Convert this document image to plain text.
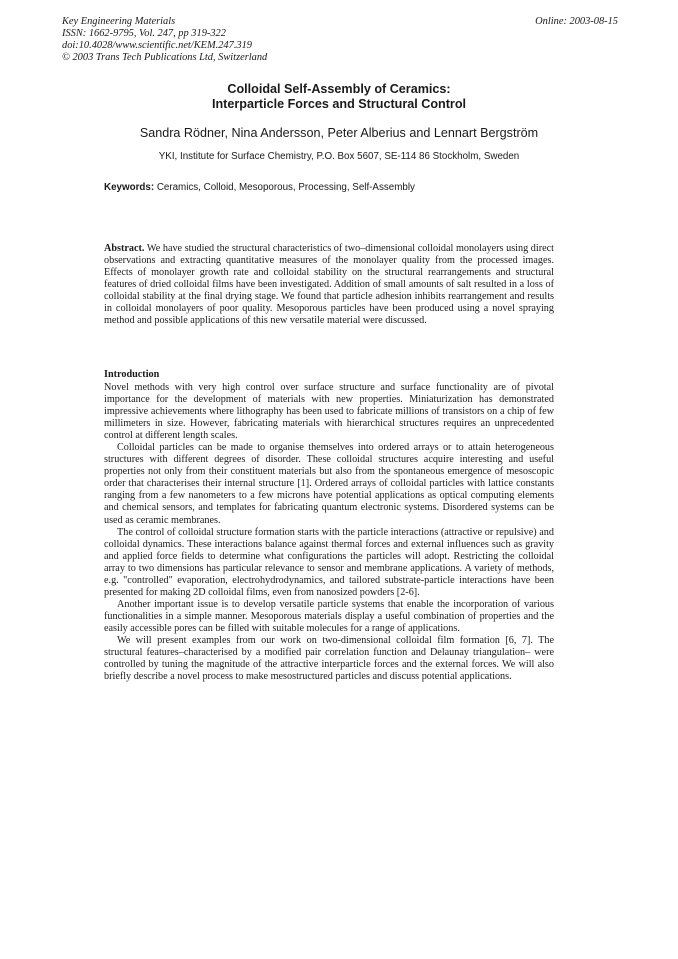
Key Engineering Materials
ISSN: 1662-9795, Vol. 247, pp 319-322
doi:10.4028/www.scientific.net/KEM.247.319
© 2003 Trans Tech Publications Ltd, Switzerland
Online: 2003-08-15
Colloidal Self-Assembly of Ceramics:
Interparticle Forces and Structural Control
Sandra Rödner, Nina Andersson, Peter Alberius and Lennart Bergström
YKI, Institute for Surface Chemistry, P.O. Box 5607, SE-114 86 Stockholm, Sweden
Keywords: Ceramics, Colloid, Mesoporous, Processing, Self-Assembly
Abstract. We have studied the structural characteristics of two–dimensional colloidal monolayers using direct observations and extracting quantitative measures of the monolayer quality from the processed images. Effects of monolayer growth rate and colloidal stability on the structural rearrangements and structural features of dried colloidal films have been investigated. Addition of small amounts of salt resulted in a loss of colloidal stability at the final drying stage. We found that particle adhesion inhibits rearrangement and results in colloidal monolayers of poor quality. Mesoporous particles have been produced using a novel spraying method and possible applications of this new versatile material were discussed.
Introduction

Novel methods with very high control over surface structure and surface functionality are of pivotal importance for the development of materials with new properties. Miniaturization has demonstrated impressive achievements where lithography has been used to fabricate millions of transistors on a chip of few millimeters in size. However, fabricating materials with hierarchical structures requires an unprecedented control at different length scales.

Colloidal particles can be made to organise themselves into ordered arrays or to attain heterogeneous structures with different degrees of disorder. These colloidal structures acquire interesting and useful properties not only from their constituent materials but also from the spontaneous emergence of mesoscopic order that characterises their internal structure [1]. Ordered arrays of colloidal particles with lattice constants ranging from a few nanometers to a few microns have potential applications as optical computing elements and chemical sensors, and templates for fabricating quantum electronic systems. Disordered systems can be used as ceramic membranes.

The control of colloidal structure formation starts with the particle interactions (attractive or repulsive) and colloidal dynamics. These interactions balance against thermal forces and external influences such as gravity and applied force fields to determine what configurations the particles will adopt. Restricting the colloidal array to two dimensions has particular relevance to sensor and membrane applications. A variety of methods, e.g. "controlled" evaporation, electrohydrodynamics, and tailored substrate-particle interactions have been presented for making 2D colloidal films, even from nanosized powders [2-6].

Another important issue is to develop versatile particle systems that enable the incorporation of various functionalities in a simple manner. Mesoporous materials display a useful combination of properties and the easily accessible pores can be filled with suitable molecules for a range of applications.

We will present examples from our work on two-dimensional colloidal film formation [6, 7]. The structural features–characterised by a modified pair correlation function and Delaunay triangulation– were controlled by tuning the magnitude of the attractive interparticle forces and the external forces. We will also briefly describe a novel process to make mesostructured particles and discuss potential applications.
